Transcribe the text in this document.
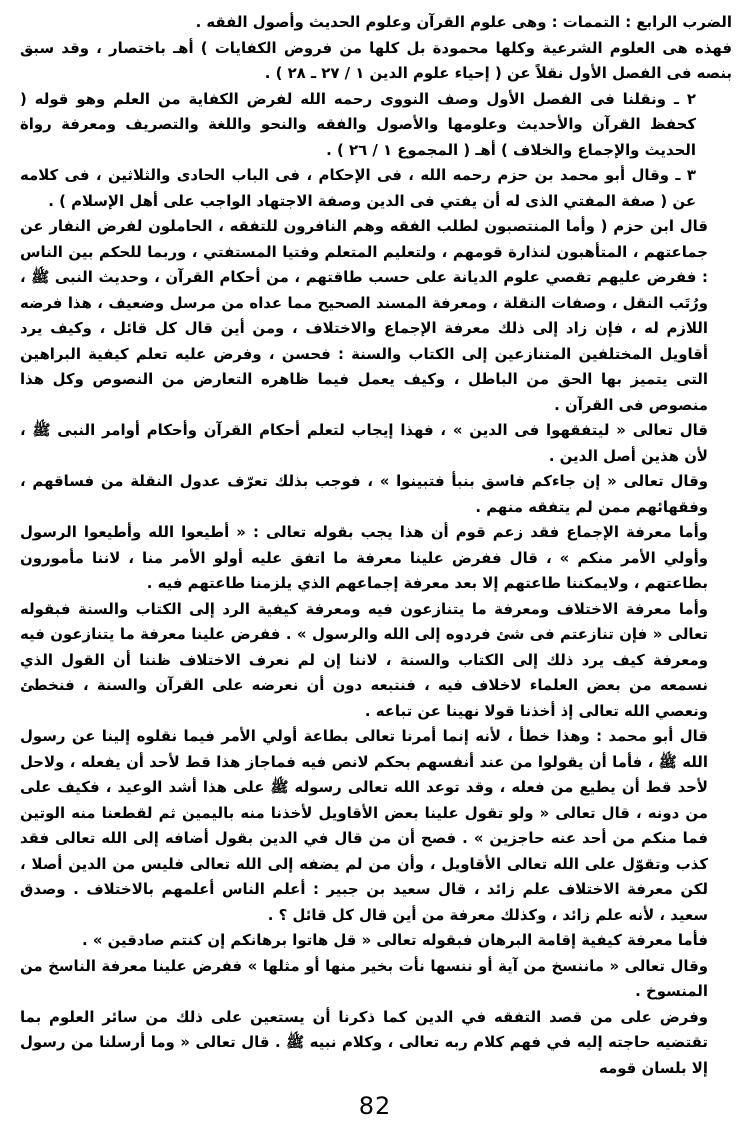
الضرب الرابع : التممات : وهى علوم القرآن وعلوم الحديث وأصول الفقه .

فهذه هى العلوم الشرعية وكلها محمودة بل كلها من فروض الكفايات ) أهـ باختصار ، وقد سبق بنصه فى الفصل الأول نقلاً عن ( إحياء علوم الدين ١ / ٢٧ ـ ٢٨ ) .

٢ ـ ونقلنا فى الفصل الأول وصف النووى رحمه الله لفرض الكفاية من العلم وهو قوله ( كحفظ القرآن والأحديث وعلومها والأصول والفقه والنحو واللغة والتصريف ومعرفة رواة الحديث والإجماع والخلاف ) أهـ ( المجموع ١ / ٢٦ ) .

٣ ـ وقال أبو محمد بن حزم رحمه الله ، فى الإحكام ، فى الباب الحادى والثلاثين ، فى كلامه عن ( صفة المفتي الذى له أن يفتي فى الدين وصفة الاجتهاد الواجب على أهل الإسلام ) .

قال ابن حزم ( وأما المنتصبون لطلب الفقه وهم النافرون للتفقه ، الحاملون لفرض النفار عن جماعتهم ، المتأهبون لنذارة قومهم ، ولتعليم المتعلم وفتيا المستفتي ، وربما للحكم بين الناس : ففرض عليهم تقصي علوم الديانة على حسب طاقتهم ، من أحكام القرآن ، وحديث النبى ﷺ ، ورُتَب النقل ، وصفات النقلة ، ومعرفة المسند الصحيح مما عداه من مرسل وضعيف ، هذا فرضه اللازم له ، فإن زاد إلى ذلك معرفة الإجماع والاختلاف ، ومن أين قال كل قائل ، وكيف يرد أقاويل المختلفين المتنازعين إلى الكتاب والسنة : فحسن ، وفرض عليه تعلم كيفية البراهين التى يتميز بها الحق من الباطل ، وكيف يعمل فيما ظاهره التعارض من النصوص وكل هذا منصوص فى القرآن .

قال تعالى « ليتفقهوا فى الدين » ، فهذا إيجاب لتعلم أحكام القرآن وأحكام أوامر النبى ﷺ ، لأن هذين أصل الدين .

وقال تعالى « إن جاءكم فاسق بنبأ فتبينوا » ، فوجب بذلك تعرّف عدول النقلة من فساقهم ، وفقهائهم ممن لم يتفقه منهم .

وأما معرفة الإجماع فقد زعم قوم أن هذا يجب بقوله تعالى : « أطيعوا الله وأطيعوا الرسول وأولي الأمر منكم » ، قال ففرض علينا معرفة ما اتفق عليه أولو الأمر منا ، لاننا مأمورون بطاعتهم ، ولايمكننا طاعتهم إلا بعد معرفة إجماعهم الذي يلزمنا طاعتهم فيه .

وأما معرفة الاختلاف ومعرفة ما يتنازعون فيه ومعرفة كيفية الرد إلى الكتاب والسنة فبقوله تعالى « فإن تنازعتم فى شئ فردوه إلى الله والرسول » . ففرض علينا معرفة ما يتنازعون فيه ومعرفة كيف يرد ذلك إلى الكتاب والسنة ، لاننا إن لم نعرف الاختلاف ظننا أن القول الذي نسمعه من بعض العلماء لاخلاف فيه ، فنتبعه دون أن نعرضه على القرآن والسنة ، فنخطئ ونعصي الله تعالى إذ أخذنا قولا نهينا عن تباعه .

قال أبو محمد : وهذا خطأ ، لأنه إنما أمرنا تعالى بطاعة أولي الأمر فيما نقلوه إلينا عن رسول الله ﷺ ، فأما أن يقولوا من عند أنفسهم بحكم لانص فيه فماجاز هذا قط لأحد أن يفعله ، ولاحل لأحد قط أن يطيع من فعله ، وقد توعد الله تعالى رسوله ﷺ على هذا أشد الوعيد ، فكيف على من دونه ، قال تعالى « ولو تقول علينا بعض الأقاويل لأخذنا منه باليمين ثم لقطعنا منه الوتين فما منكم من أحد عنه حاجزين » . فصح أن من قال في الدين بقول أضافه إلى الله تعالى فقد كذب وتقوّل على الله تعالى الأقاويل ، وأن من لم يضفه إلى الله تعالى فليس من الدين أصلا ، لكن معرفة الاختلاف علم زائد ، قال سعيد بن جبير : أعلم الناس أعلمهم بالاختلاف . وصدق سعيد ، لأنه علم زائد ، وكذلك معرفة من أين قال كل قائل ؟ .

فأما معرفة كيفية إقامة البرهان فبقوله تعالى « قل هاتوا برهانكم إن كنتم صادقين » .

وقال تعالى « ماننسخ من آية أو ننسها نأت بخير منها أو مثلها » ففرض علينا معرفة الناسخ من المنسوخ .

وفرض على من قصد التفقه في الدين كما ذكرنا أن يستعين على ذلك من سائر العلوم بما تقتضيه حاجته إليه في فهم كلام ربه تعالى ، وكلام نبيه ﷺ . قال تعالى « وما أرسلنا من رسول إلا بلسان قومه

82
